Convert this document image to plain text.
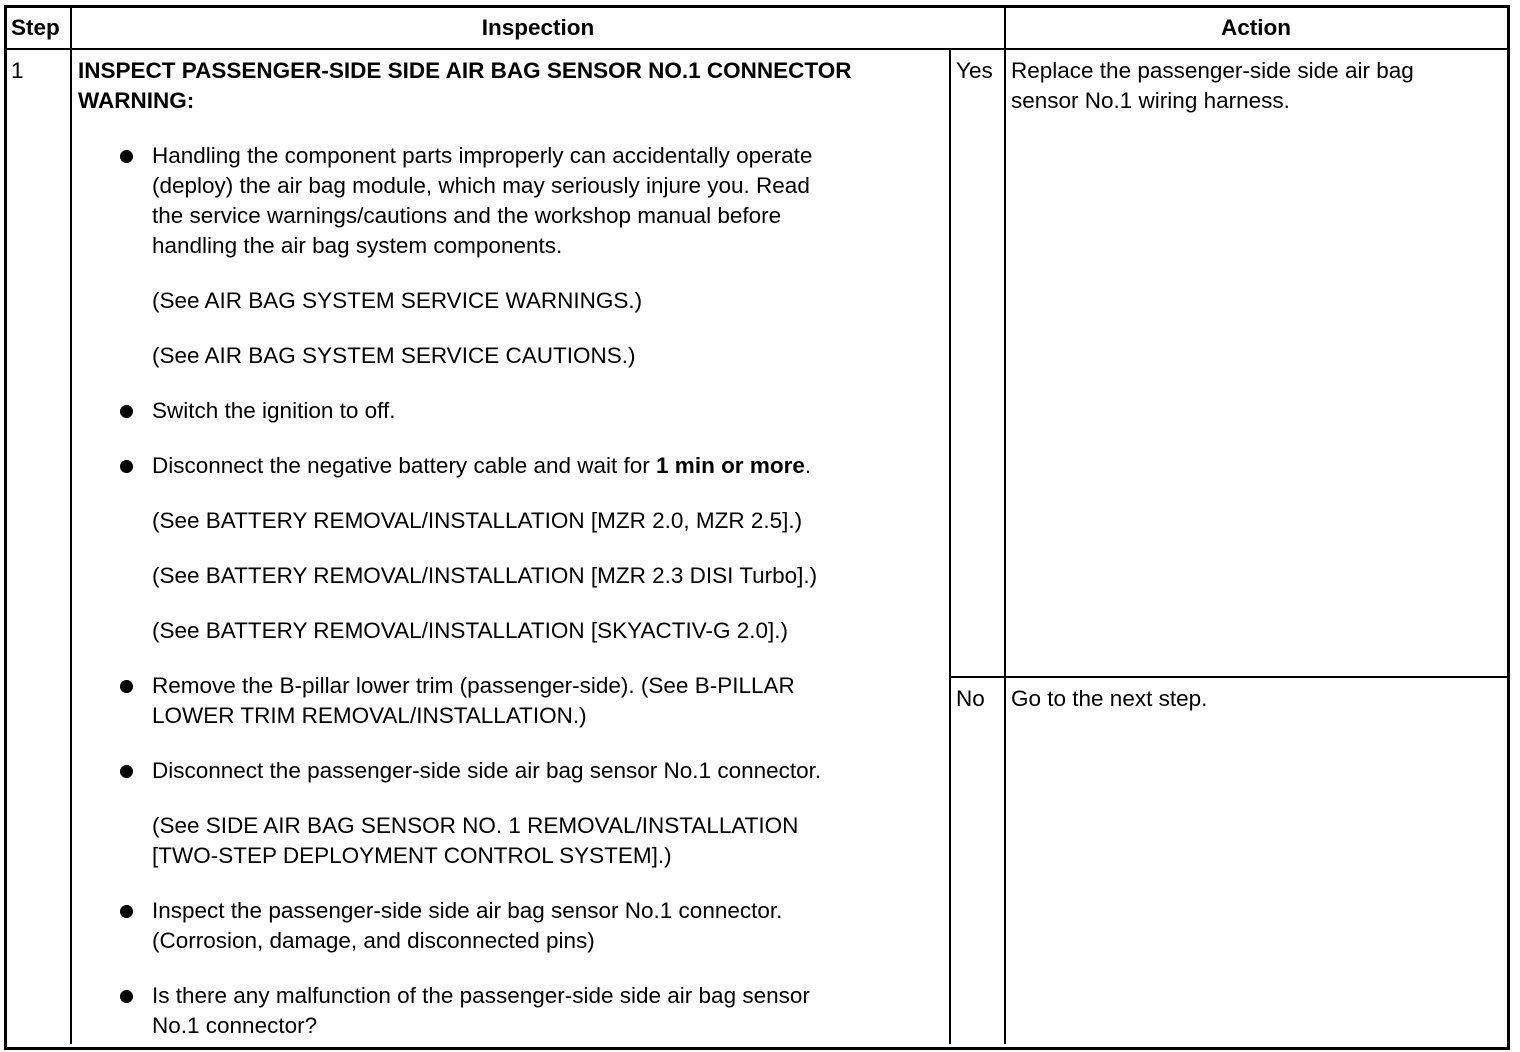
Step	Inspection	Action
1 INSPECT PASSENGER-SIDE SIDE AIR BAG SENSOR NO.1 CONNECTOR
WARNING:
Handling the component parts improperly can accidentally operate
(deploy) the air bag module, which may seriously injure you. Read
the service warnings/cautions and the workshop manual before
handling the air bag system components.
(See AIR BAG SYSTEM SERVICE WARNINGS.)
(See AIR BAG SYSTEM SERVICE CAUTIONS.)
Switch the ignition to off.
Disconnect the negative battery cable and wait for 1 min or more.
(See BATTERY REMOVAL/INSTALLATION [MZR 2.0, MZR 2.5].)
(See BATTERY REMOVAL/INSTALLATION [MZR 2.3 DISI Turbo].)
(See BATTERY REMOVAL/INSTALLATION [SKYACTIV-G 2.0].)
Remove the B-pillar lower trim (passenger-side). (See B-PILLAR
LOWER TRIM REMOVAL/INSTALLATION.)
Disconnect the passenger-side side air bag sensor No.1 connector.
(See SIDE AIR BAG SENSOR NO. 1 REMOVAL/INSTALLATION
[TWO-STEP DEPLOYMENT CONTROL SYSTEM].)
Inspect the passenger-side side air bag sensor No.1 connector.
(Corrosion, damage, and disconnected pins)
Is there any malfunction of the passenger-side side air bag sensor
No.1 connector?
Yes Replace the passenger-side side air bag
sensor No.1 wiring harness.
No Go to the next step.
